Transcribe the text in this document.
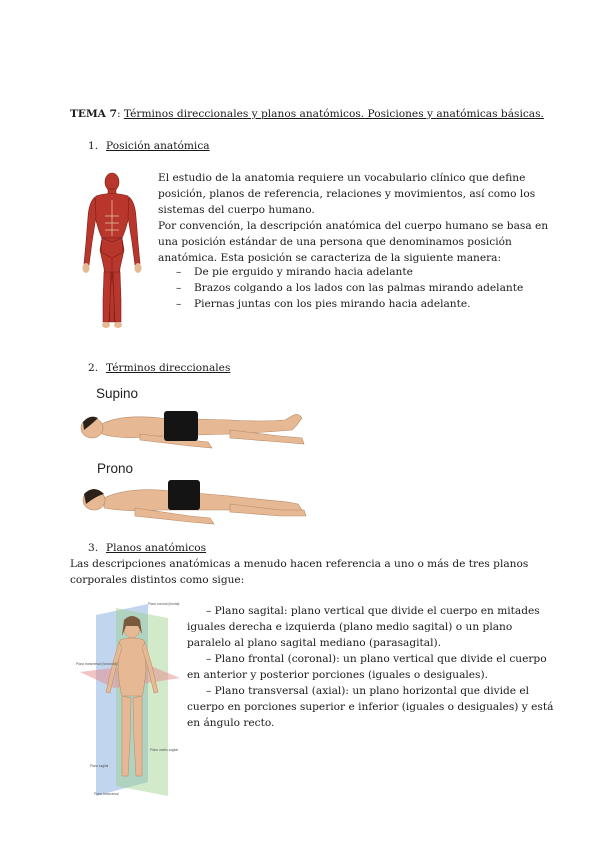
TEMA 7: Términos direccionales y planos anatómicos. Posiciones y anatómicas básicas.
1. Posición anatómica
El estudio de la anatomia requiere un vocabulario clínico que define
posición, planos de referencia, relaciones y movimientos, así como los
sistemas del cuerpo humano.
Por convención, la descripción anatómica del cuerpo humano se basa en
una posición estándar de una persona que denominamos posición
anatómica. Esta posición se caracteriza de la siguiente manera:
– De pie erguido y mirando hacia adelante
– Brazos colgando a los lados con las palmas mirando adelante
– Piernas juntas con los pies mirando hacia adelante.
2. Términos direccionales
Supino
Prono
3. Planos anatómicos
Las descripciones anatómicas a menudo hacen referencia a uno o más de tres planos
corporales distintos como sigue:
Plano coronal (frontal)
Plano transversal (horizontal)
Plano medio sagital
Plano sagital
Plano transversal
– Plano sagital: plano vertical que divide el cuerpo en mitades
iguales derecha e izquierda (plano medio sagital) o un plano
paralelo al plano sagital mediano (parasagital).
– Plano frontal (coronal): un plano vertical que divide el cuerpo
en anterior y posterior porciones (iguales o desiguales).
– Plano transversal (axial): un plano horizontal que divide el
cuerpo en porciones superior e inferior (iguales o desiguales) y está
en ángulo recto.
